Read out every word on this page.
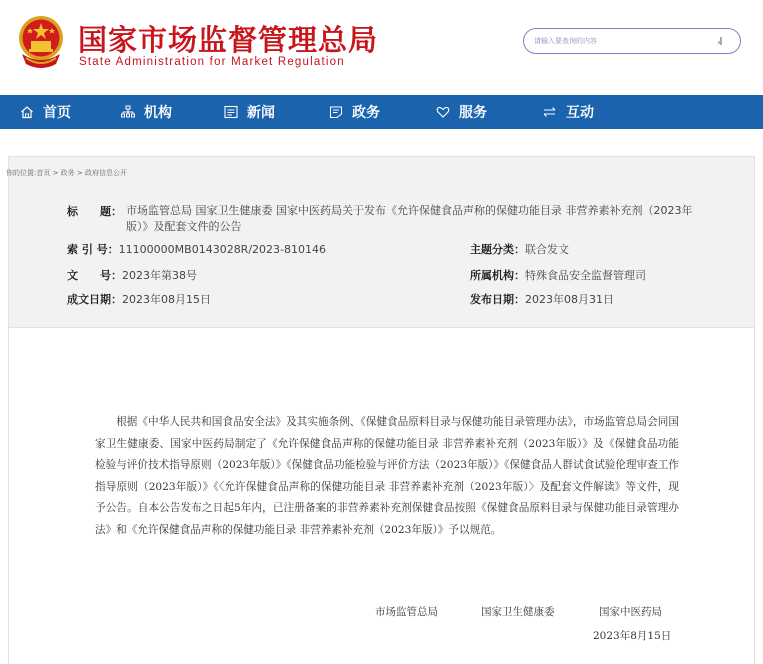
国家市场监督管理总局
State Administration for Market Regulation
请输入要查询的内容
首页	机构	新闻	政务	服务	互动
标　　题： 市场监管总局 国家卫生健康委 国家中医药局关于发布《允许保健食品声称的保健功能目录 非营养素补充剂（2023年版）》及配套文件的公告
索 引 号：11100000MB0143028R/2023-810146
文　　号：2023年第38号
成文日期：2023年08月15日
主题分类：联合发文
所属机构：特殊食品安全监督管理司
发布日期：2023年08月31日
你的位置:首页 > 政务 > 政府信息公开
根据《中华人民共和国食品安全法》及其实施条例、《保健食品原料目录与保健功能目录管理办法》，市场监管总局会同国家卫生健康委、国家中医药局制定了《允许保健食品声称的保健功能目录 非营养素补充剂（2023年版）》及《保健食品功能检验与评价技术指导原则（2023年版）》《保健食品功能检验与评价方法（2023年版）》《保健食品人群试食试验伦理审查工作指导原则（2023年版）》《〈允许保健食品声称的保健功能目录 非营养素补充剂（2023年版）〉及配套文件解读》等文件，现予公告。自本公告发布之日起5年内，已注册备案的非营养素补充剂保健食品按照《保健食品原料目录与保健功能目录管理办法》和《允许保健食品声称的保健功能目录 非营养素补充剂（2023年版）》予以规范。
市场监管总局	国家卫生健康委	国家中医药局
2023年8月15日
